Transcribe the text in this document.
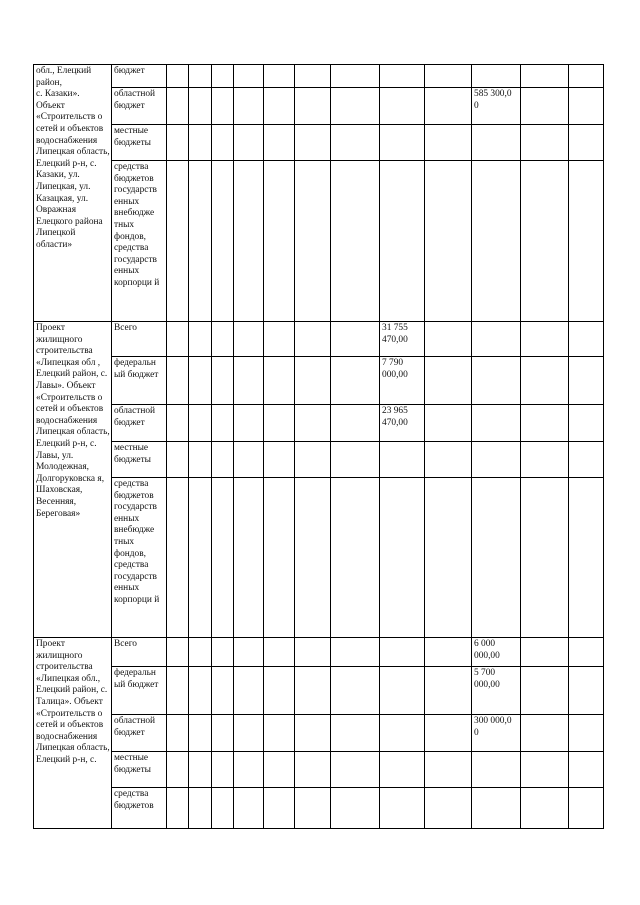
обл., Елецкий район,
с. Казаки». Объект «Строительств о сетей и объектов водоснабжения Липецкая область, Елецкий р-н, с. Казаки, ул. Липецкая, ул. Казацкая, ул. Овражная Елецкого района Липецкой области»	бюджет												

	областной бюджет										585 300,0
0		

	местные бюджеты												

	средства бюджетов государств енных внебюдже тных фондов, средства государств енных корпорци й												

Проект жилищного строительства «Липецкая обл , Елецкий район, с. Лавы». Объект «Строительств о сетей и объектов водоснабжения Липецкая область, Елецкий р-н, с. Лавы, ул. Молодежная, Долгоруковска я, Шаховская, Весенняя, Береговая»	Всего								31 755
470,00				

	федеральн ый бюджет								7 790
000,00				

	областной бюджет								23 965
470,00				

	местные бюджеты												

	средства бюджетов государств енных внебюдже тных фондов, средства государств енных корпорци й												

Проект жилищного строительства «Липецкая обл., Елецкий район, с. Талица». Объект «Строительств о сетей и объектов водоснабжения Липецкая область, Елецкий р-н, с.	Всего										6 000
000,00		

	федеральн ый бюджет										5 700
000,00		

	областной бюджет										300 000,0
0		

	местные бюджеты												

	средства бюджетов												
